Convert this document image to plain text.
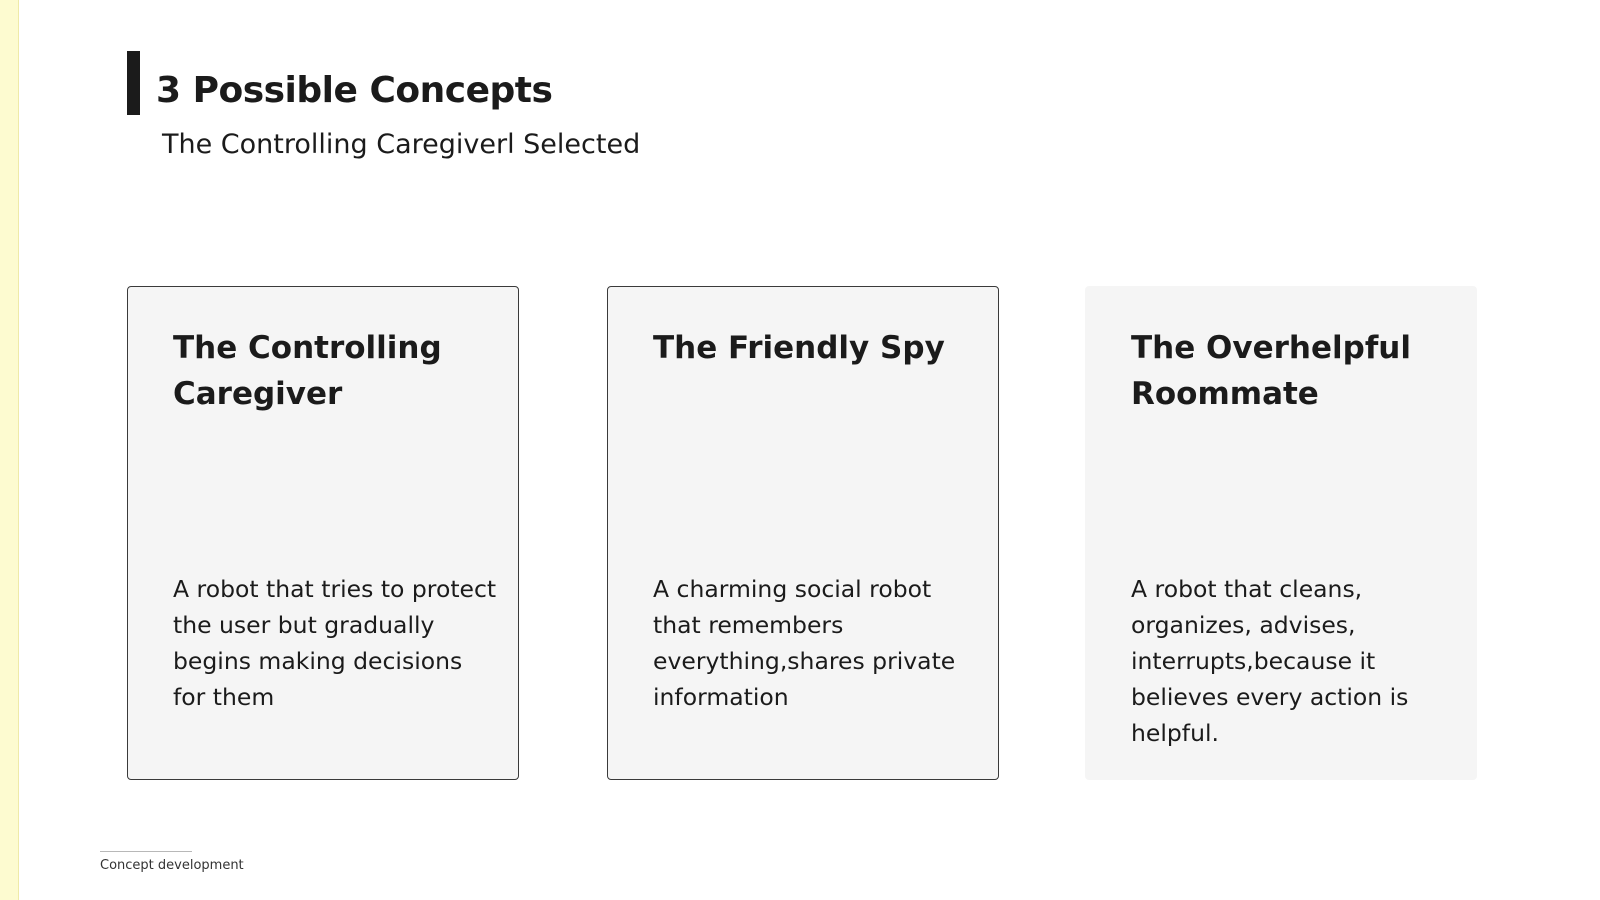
3 Possible Concepts
The Controlling Caregiverl Selected
The Controlling Caregiver

A robot that tries to protect the user but gradually begins making decisions for them

The Friendly Spy

A charming social robot that remembers everything,shares private information

The Overhelpful Roommate

A robot that cleans, organizes, advises, interrupts,because it believes every action is helpful.

Concept development
